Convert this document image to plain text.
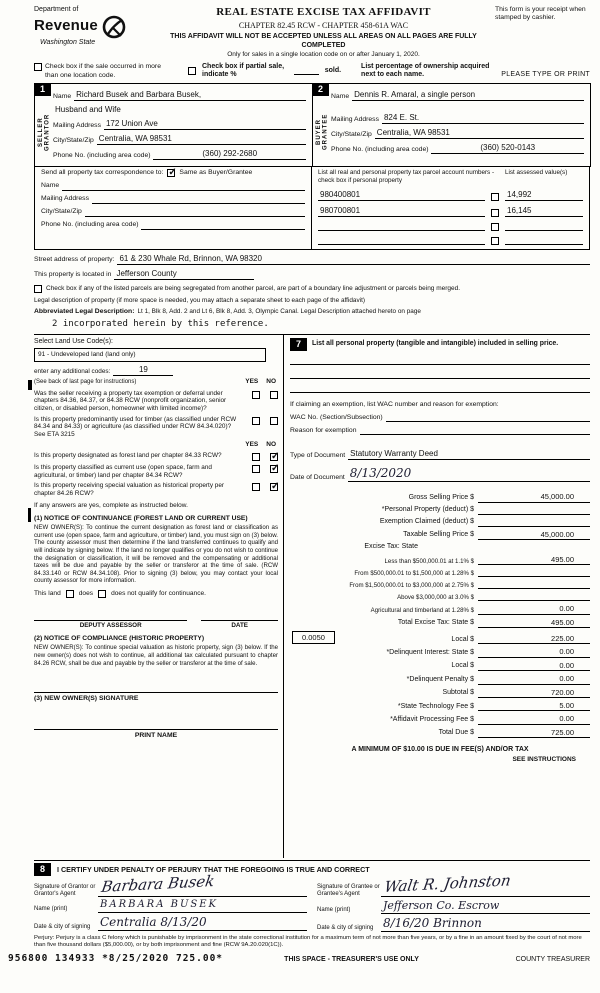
Department of
Revenue
Washington State
REAL ESTATE EXCISE TAX AFFIDAVIT
CHAPTER 82.45 RCW - CHAPTER 458-61A WAC
THIS AFFIDAVIT WILL NOT BE ACCEPTED UNLESS ALL AREAS ON ALL PAGES ARE FULLY COMPLETED
Only for sales in a single location code on or after January 1, 2020.
This form is your receipt when stamped by cashier.
Check box if the sale occurred in more than one location code.
Check box if partial sale, indicate %
sold.
List percentage of ownership acquired next to each name.	PLEASE TYPE OR PRINT
1
SELLER
GRANTOR
Name Richard Busek and Barbara Busek,
Husband and Wife
Mailing Address 172 Union Ave
City/State/Zip Centralia, WA 98531
Phone No. (including area code)	(360) 292-2680
2
BUYER
GRANTEE
Name Dennis R. Amaral, a single person
Mailing Address 824 E. St.
City/State/Zip Centralia, WA 98531
Phone No. (including area code)	(360) 520-0143
Send all property tax correspondence to: ✓ Same as Buyer/Grantee
Name
Mailing Address
City/State/Zip
Phone No. (including area code)
List all real and personal property tax parcel account numbers - check box if personal property
List assessed value(s)
980400801	14,992
980700801	16,145
Street address of property: 61 & 230 Whale Rd, Brinnon, WA 98320
This property is located in Jefferson County
Check box if any of the listed parcels are being segregated from another parcel, are part of a boundary line adjustment or parcels being merged.
Legal description of property (if more space is needed, you may attach a separate sheet to each page of the affidavit)
Abbreviated Legal Description: Lt 1, Blk 8, Add. 2 and Lt 6, Blk 8, Add. 3, Olympic Canal. Legal Description attached hereto on page
2 incorporated herein by this reference.
Select Land Use Code(s):
91 - Undeveloped land (land only)
enter any additional codes:	19
(See back of last page for instructions)	YES NO
Was the seller receiving a property tax exemption or deferral under chapters 84.36, 84.37, or 84.38 RCW (nonprofit organization, senior citizen, or disabled person, homeowner with limited income)?
Is this property predominantly used for timber (as classified under RCW 84.34 and 84.33) or agriculture (as classified under RCW 84.34.020)? See ETA 3215
YES NO
Is this property designated as forest land per chapter 84.33 RCW?
✓
Is this property classified as current use (open space, farm and agricultural, or timber) land per chapter 84.34 RCW?
✓
Is this property receiving special valuation as historical property per chapter 84.26 RCW?
✓
If any answers are yes, complete as instructed below.
(1) NOTICE OF CONTINUANCE (FOREST LAND OR CURRENT USE)
NEW OWNER(S): To continue the current designation as forest land or classification as current use (open space, farm and agriculture, or timber) land, you must sign on (3) below. The county assessor must then determine if the land transferred continues to qualify and will indicate by signing below. If the land no longer qualifies or you do not wish to continue the designation or classification, it will be removed and the compensating or additional taxes will be due and payable by the seller or transferor at the time of sale. (RCW 84.33.140 or RCW 84.34.108). Prior to signing (3) below, you may contact your local county assessor for more information.
This land	does	does not qualify for continuance.
DEPUTY ASSESSOR	DATE
(2) NOTICE OF COMPLIANCE (HISTORIC PROPERTY)
NEW OWNER(S): To continue special valuation as historic property, sign (3) below. If the new owner(s) does not wish to continue, all additional tax calculated pursuant to chapter 84.26 RCW, shall be due and payable by the seller or transferor at the time of sale.
(3) NEW OWNER(S) SIGNATURE
PRINT NAME
7	List all personal property (tangible and intangible) included in selling price.
If claiming an exemption, list WAC number and reason for exemption:
WAC No. (Section/Subsection)
Reason for exemption
Type of Document Statutory Warranty Deed
Date of Document 8/13/2020
Gross Selling Price $	45,000.00
*Personal Property (deduct) $
Exemption Claimed (deduct) $
Taxable Selling Price $	45,000.00
Excise Tax: State
Less than $500,000.01 at 1.1% $	495.00
From $500,000.01 to $1,500,000 at 1.28% $
From $1,500,000.01 to $3,000,000 at 2.75% $
Above $3,000,000 at 3.0% $
Agricultural and timberland at 1.28% $	0.00
Total Excise Tax: State $	495.00
0.0050	Local $	225.00
*Delinquent Interest: State $	0.00
Local $	0.00
*Delinquent Penalty $	0.00
Subtotal $	720.00
*State Technology Fee $	5.00
*Affidavit Processing Fee $	0.00
Total Due $	725.00
A MINIMUM OF $10.00 IS DUE IN FEE(S) AND/OR TAX
SEE INSTRUCTIONS
8	I CERTIFY UNDER PENALTY OF PERJURY THAT THE FOREGOING IS TRUE AND CORRECT
Signature of Grantor or Grantor's Agent	Barbara Busek
Name (print)	BARBARA BUSEK
Date & city of signing Centralia 8/13/20
Signature of Grantee or Grantee's Agent	Walt R. Johnston
Name (print)	Jefferson Co. Escrow
Date & city of signing 8/16/20 Brinnon
Perjury: Perjury is a class C felony which is punishable by imprisonment in the state correctional institution for a maximum term of not more than five years, or by a fine in an amount fixed by the court of not more than five thousand dollars ($5,000.00), or by both imprisonment and fine (RCW 9A.20.020(1C)).
956800 134933 *8/25/2020 725.00*	THIS SPACE - TREASURER'S USE ONLY	COUNTY TREASURER
